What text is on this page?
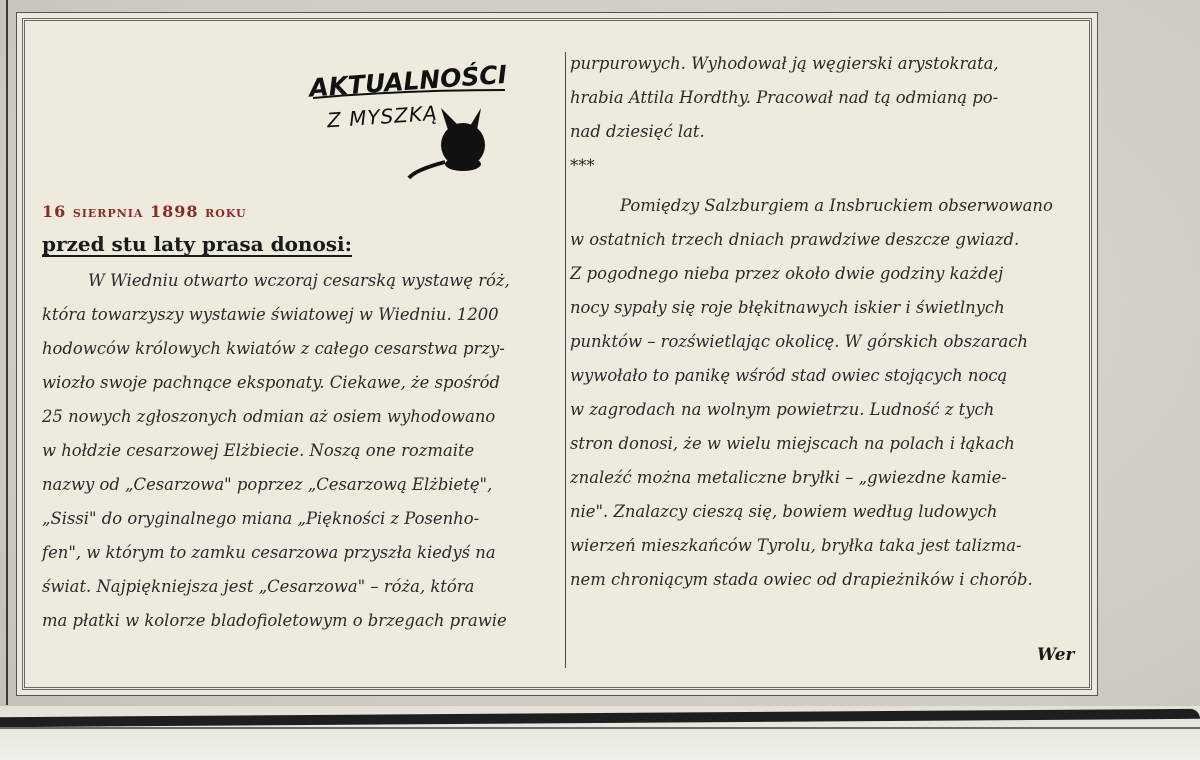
AKTUALNOŚCI
Z MYSZKĄ
16 sierpnia 1898 roku
przed stu laty prasa donosi:
W Wiedniu otwarto wczoraj cesarską wystawę róż,
która towarzyszy wystawie światowej w Wiedniu. 1200
hodowców królowych kwiatów z całego cesarstwa przy-
wiozło swoje pachnące eksponaty. Ciekawe, że spośród
25 nowych zgłoszonych odmian aż osiem wyhodowano
w hołdzie cesarzowej Elżbiecie. Noszą one rozmaite
nazwy od „Cesarzowa" poprzez „Cesarzową Elżbietę",
„Sissi" do oryginalnego miana „Piękności z Posenho-
fen", w którym to zamku cesarzowa przyszła kiedyś na
świat. Najpiękniejsza jest „Cesarzowa" – róża, która
ma płatki w kolorze bladofioletowym o brzegach prawie
purpurowych. Wyhodował ją węgierski arystokrata,
hrabia Attila Hordthy. Pracował nad tą odmianą po-
nad dziesięć lat.
***
Pomiędzy Salzburgiem a Insbruckiem obserwowano
w ostatnich trzech dniach prawdziwe deszcze gwiazd.
Z pogodnego nieba przez około dwie godziny każdej
nocy sypały się roje błękitnawych iskier i świetlnych
punktów – rozświetlając okolicę. W górskich obszarach
wywołało to panikę wśród stad owiec stojących nocą
w zagrodach na wolnym powietrzu. Ludność z tych
stron donosi, że w wielu miejscach na polach i łąkach
znaleźć można metaliczne bryłki – „gwiezdne kamie-
nie". Znalazcy cieszą się, bowiem według ludowych
wierzeń mieszkańców Tyrolu, bryłka taka jest talizma-
nem chroniącym stada owiec od drapieżników i chorób.
Wer
